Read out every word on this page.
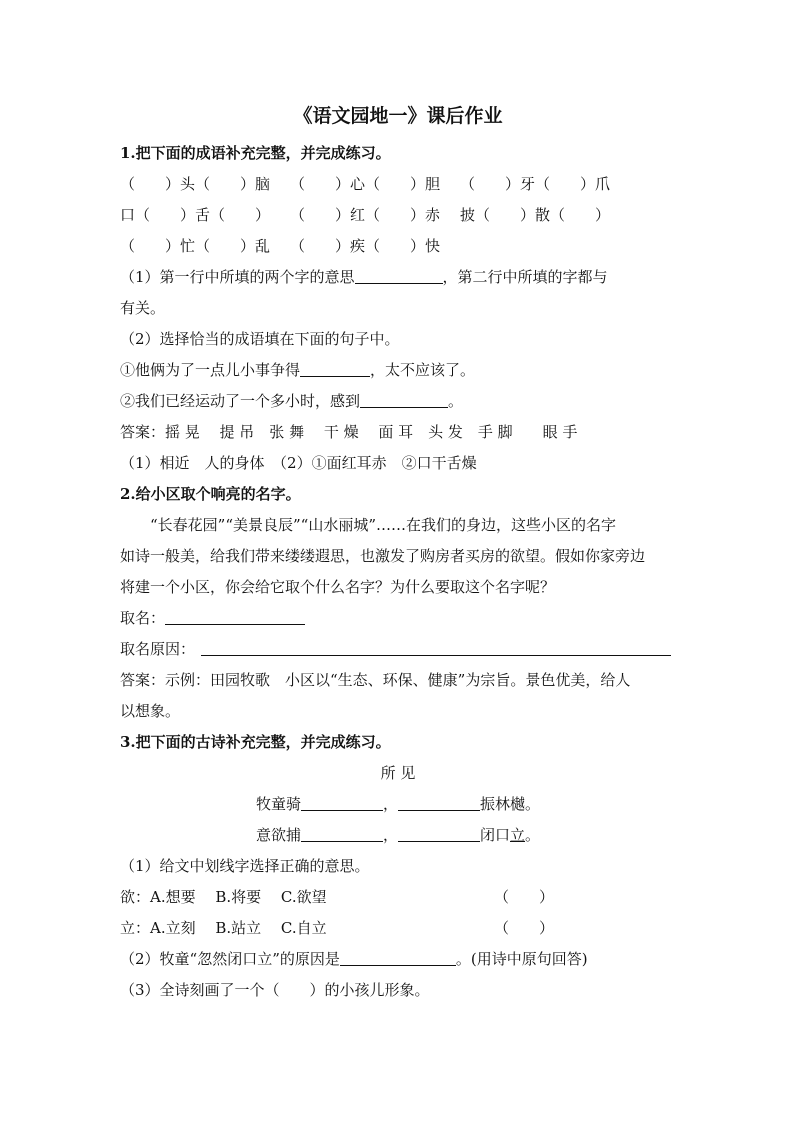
《语文园地一》课后作业
1.把下面的成语补充完整，并完成练习。
（　　）头（　　）脑 （　　）心（　　）胆 （　　）牙（　　）爪
口（　　）舌（　　） （　　）红（　　）赤 披（　　）散（　　）
（　　）忙（　　）乱 （　　）疾（　　）快
（1）第一行中所填的两个字的意思	，第二行中所填的字都与
有关。
（2）选择恰当的成语填在下面的句子中。
①他俩为了一点儿小事争得	，太不应该了。
②我们已经运动了一个多小时，感到	。
答案：摇 晃　 提 吊　张 舞　 干 燥　 面 耳　头 发　手 脚　　眼 手
（1）相近　人的身体　（2）①面红耳赤　②口干舌燥
2.给小区取个响亮的名字。
“长春花园”“美景良辰”“山水丽城”……在我们的身边，这些小区的名字
如诗一般美，给我们带来缕缕遐思，也激发了购房者买房的欲望。假如你家旁边
将建一个小区，你会给它取个什么名字？为什么要取这个名字呢？
取名：
取名原因：
答案：示例：田园牧歌　小区以“生态、环保、健康”为宗旨。景色优美，给人
以想象。
3.把下面的古诗补充完整，并完成练习。
所 见
牧童骑	，	振林樾。
意欲捕	，	闭口立。
（1）给文中划线字选择正确的意思。
欲：A.想要　 B.将要　 C.欲望	（　　）
立：A.立刻　 B.站立　 C.自立	（　　）
（2）牧童“忽然闭口立”的原因是	。(用诗中原句回答)
（3）全诗刻画了一个（　　）的小孩儿形象。
